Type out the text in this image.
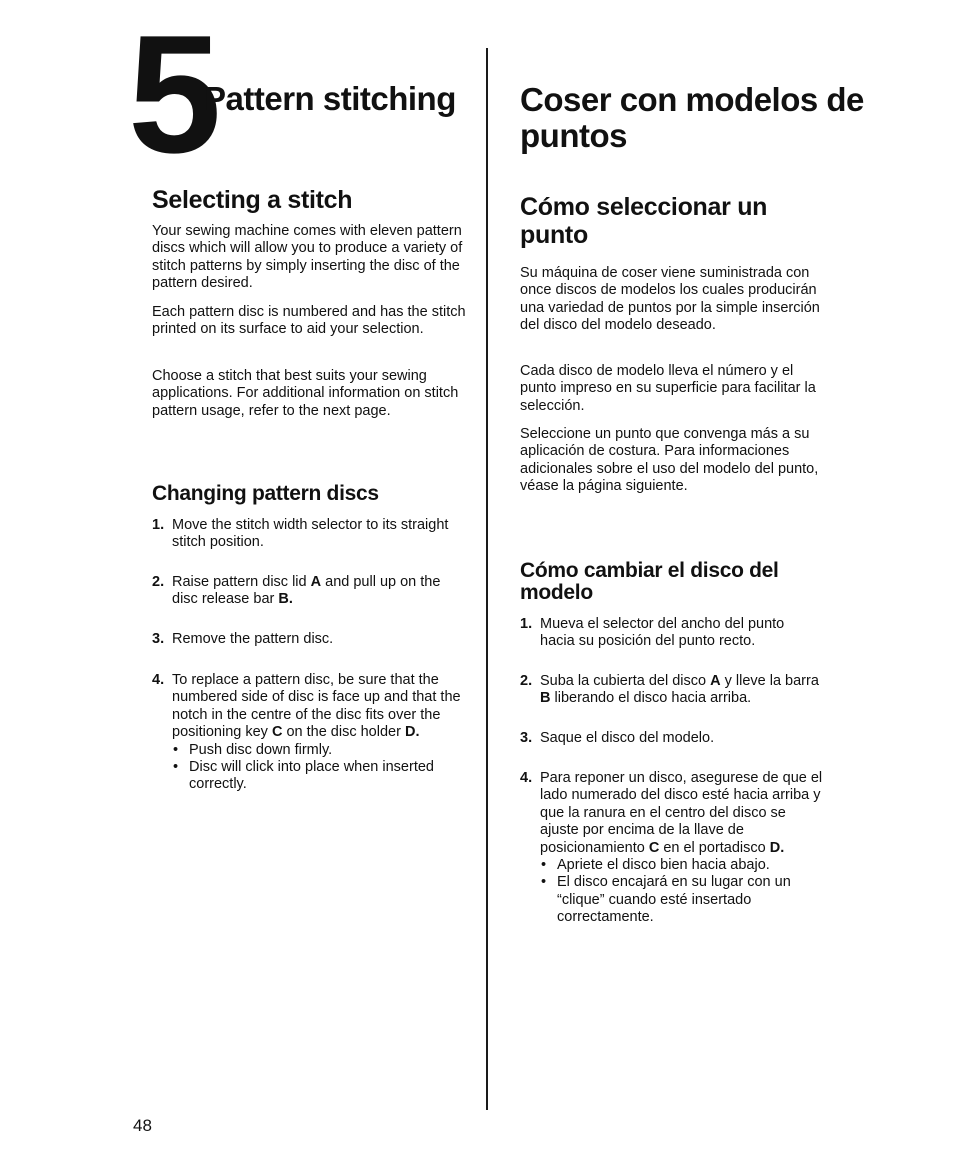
5
Pattern stitching
Selecting a stitch

Your sewing machine comes with eleven pattern discs which will allow you to produce a variety of stitch patterns by simply inserting the disc of the pattern desired.

Each pattern disc is numbered and has the stitch printed on its surface to aid your selection.

Choose a stitch that best suits your sewing applications. For additional information on stitch pattern usage, refer to the next page.

Changing pattern discs
1. Move the stitch width selector to its straight stitch position.
2. Raise pattern disc lid A and pull up on the disc release bar B.
3. Remove the pattern disc.
4. To replace a pattern disc, be sure that the numbered side of disc is face up and that the notch in the centre of the disc fits over the positioning key C on the disc holder D.
• Push disc down firmly.
• Disc will click into place when inserted correctly.
Coser con modelos de puntos
Cómo seleccionar un punto

Su máquina de coser viene suministrada con once discos de modelos los cuales producirán una variedad de puntos por la simple inserción del disco del modelo deseado.

Cada disco de modelo lleva el número y el punto impreso en su superficie para facilitar la selección.

Seleccione un punto que convenga más a su aplicación de costura. Para informaciones adicionales sobre el uso del modelo del punto, véase la página siguiente.

Cómo cambiar el disco del modelo
1. Mueva el selector del ancho del punto hacia su posición del punto recto.
2. Suba la cubierta del disco A y lleve la barra B liberando el disco hacia arriba.
3. Saque el disco del modelo.
4. Para reponer un disco, asegurese de que el lado numerado del disco esté hacia arriba y que la ranura en el centro del disco se ajuste por encima de la llave de posicionamiento C en el portadisco D.
• Apriete el disco bien hacia abajo.
• El disco encajará en su lugar con un “clique” cuando esté insertado correctamente.
48
